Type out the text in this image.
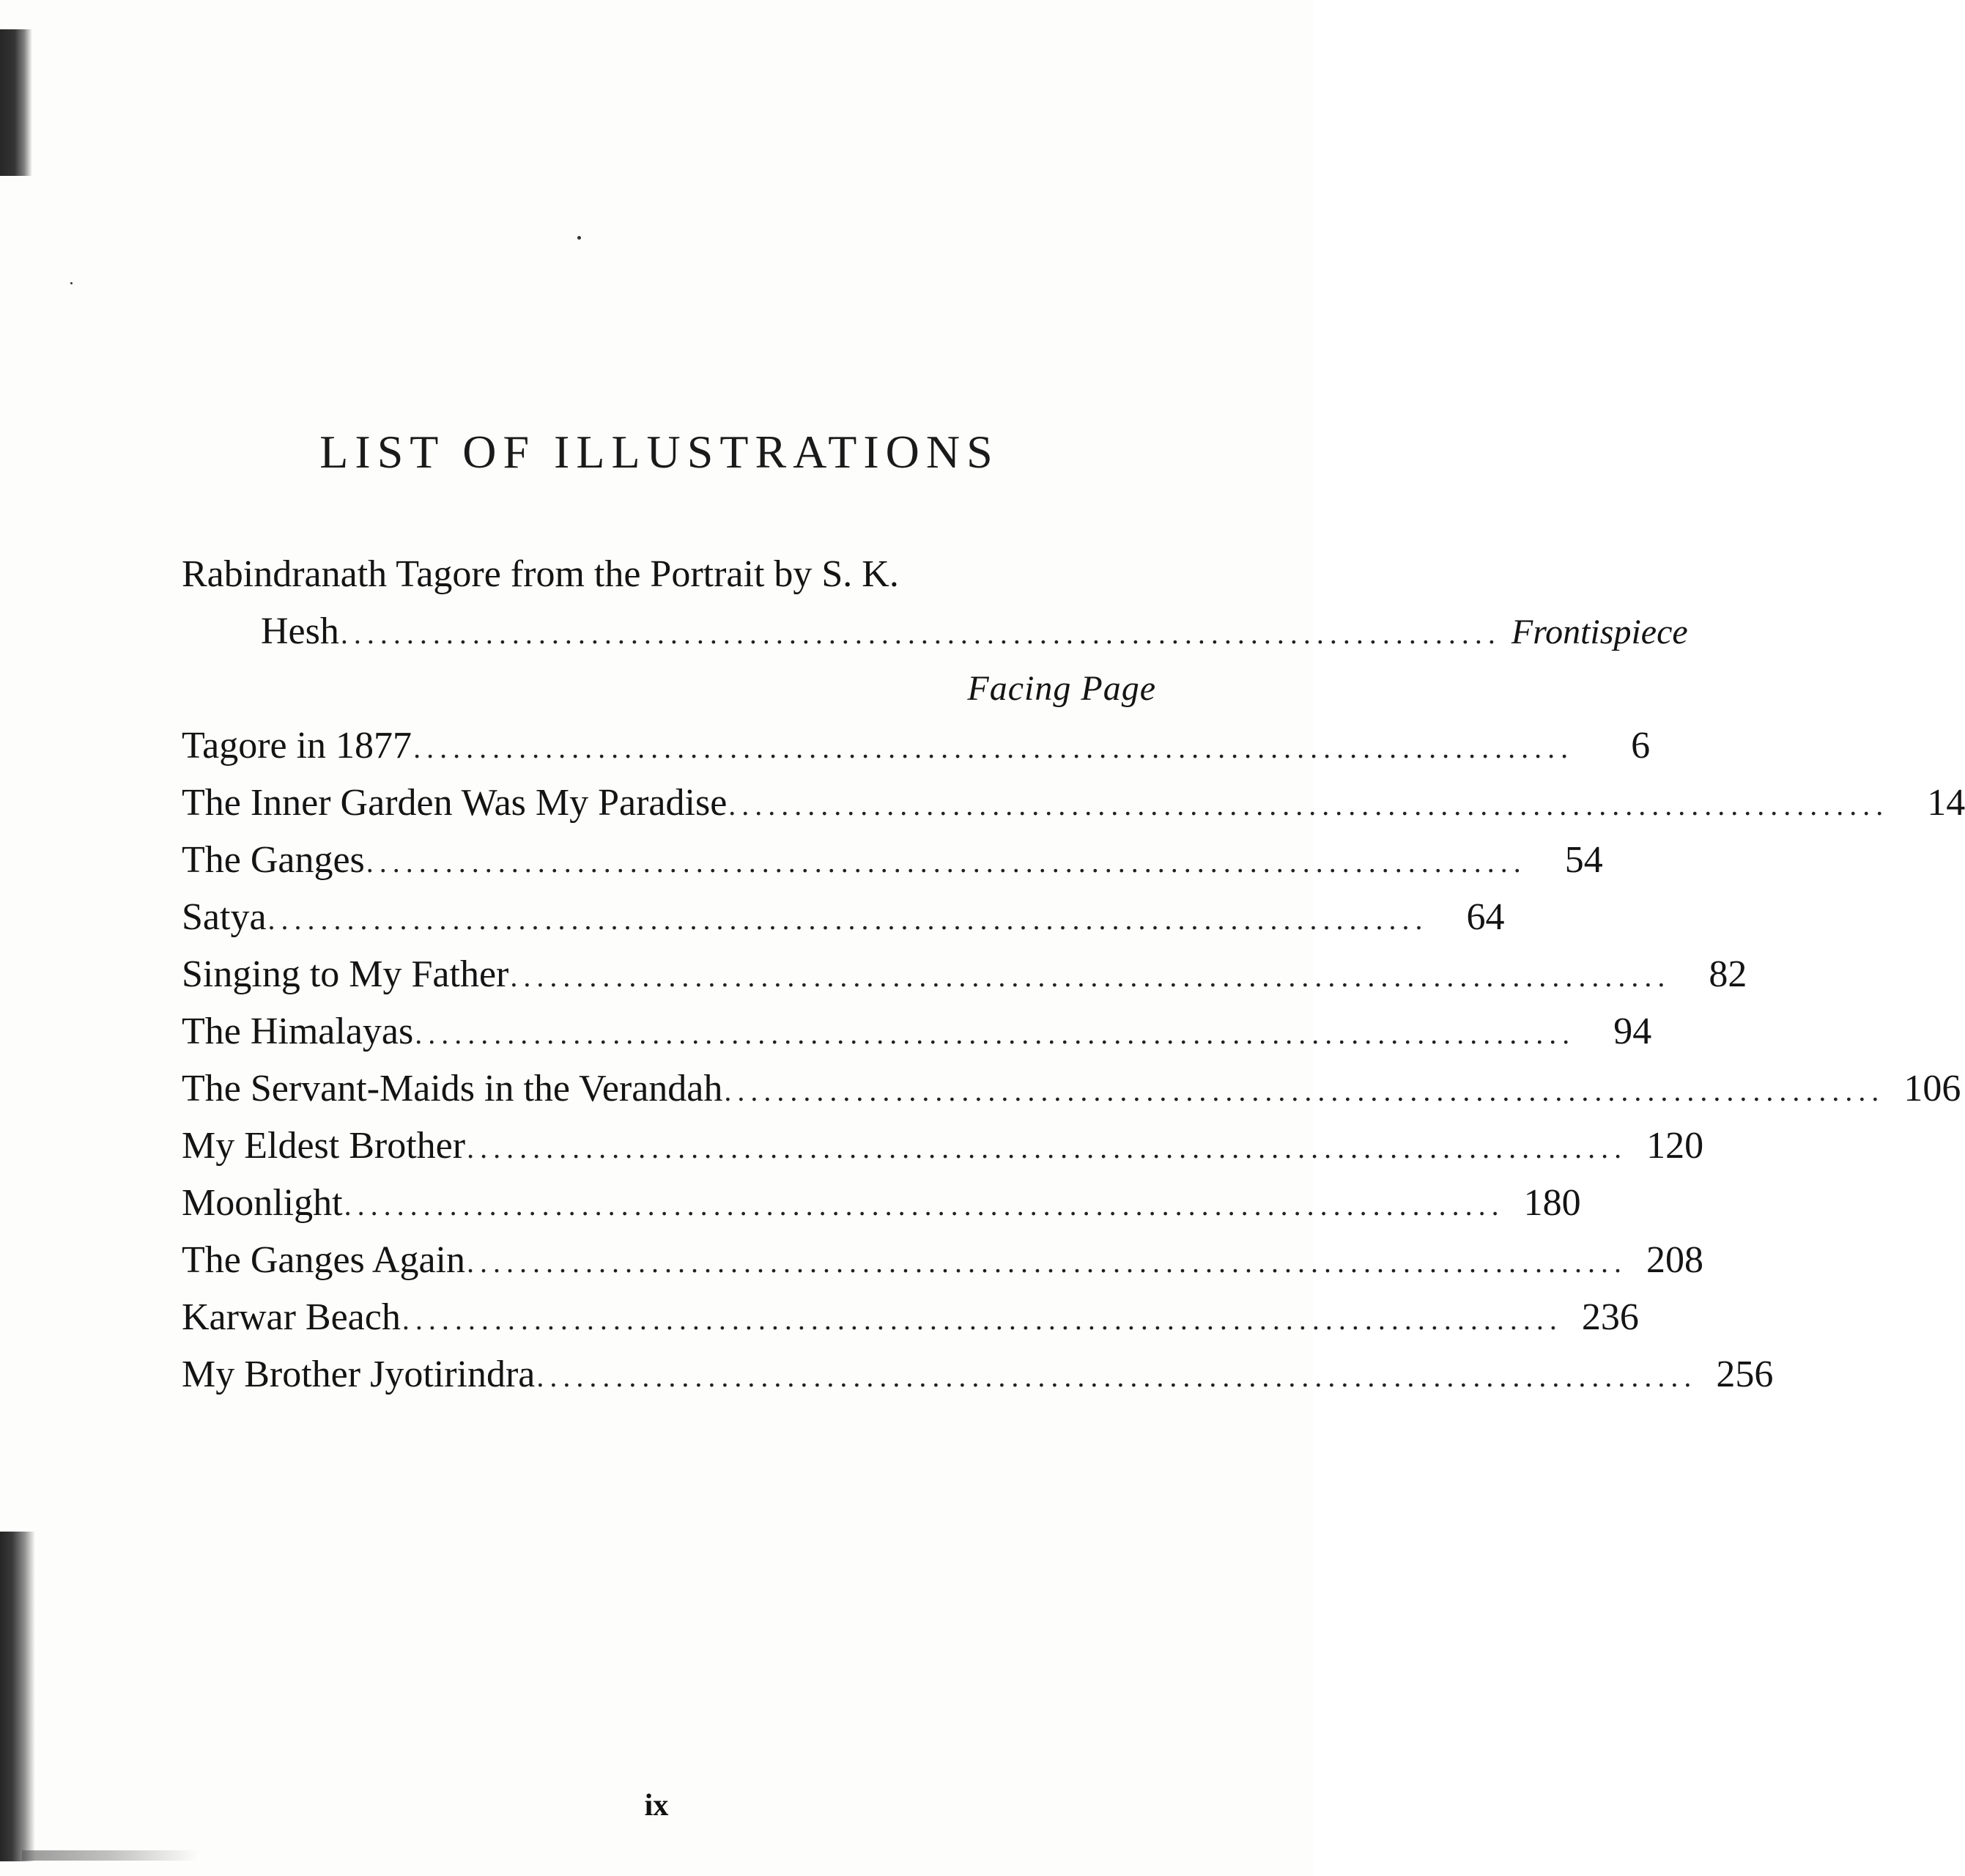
LIST OF ILLUSTRATIONS
Rabindranath Tagore from the Portrait by S. K.
Hesh ........................................................................................ Frontispiece
Facing Page
Tagore in 1877 ........................................................................................	6
The Inner Garden Was My Paradise ........................................................................................	14
The Ganges ........................................................................................	54
Satya ........................................................................................	64
Singing to My Father ........................................................................................	82
The Himalayas ........................................................................................	94
The Servant-Maids in the Verandah ........................................................................................ 106
My Eldest Brother ........................................................................................ 120
Moonlight ........................................................................................ 180
The Ganges Again ........................................................................................ 208
Karwar Beach ........................................................................................ 236
My Brother Jyotirindra ........................................................................................ 256
ix
